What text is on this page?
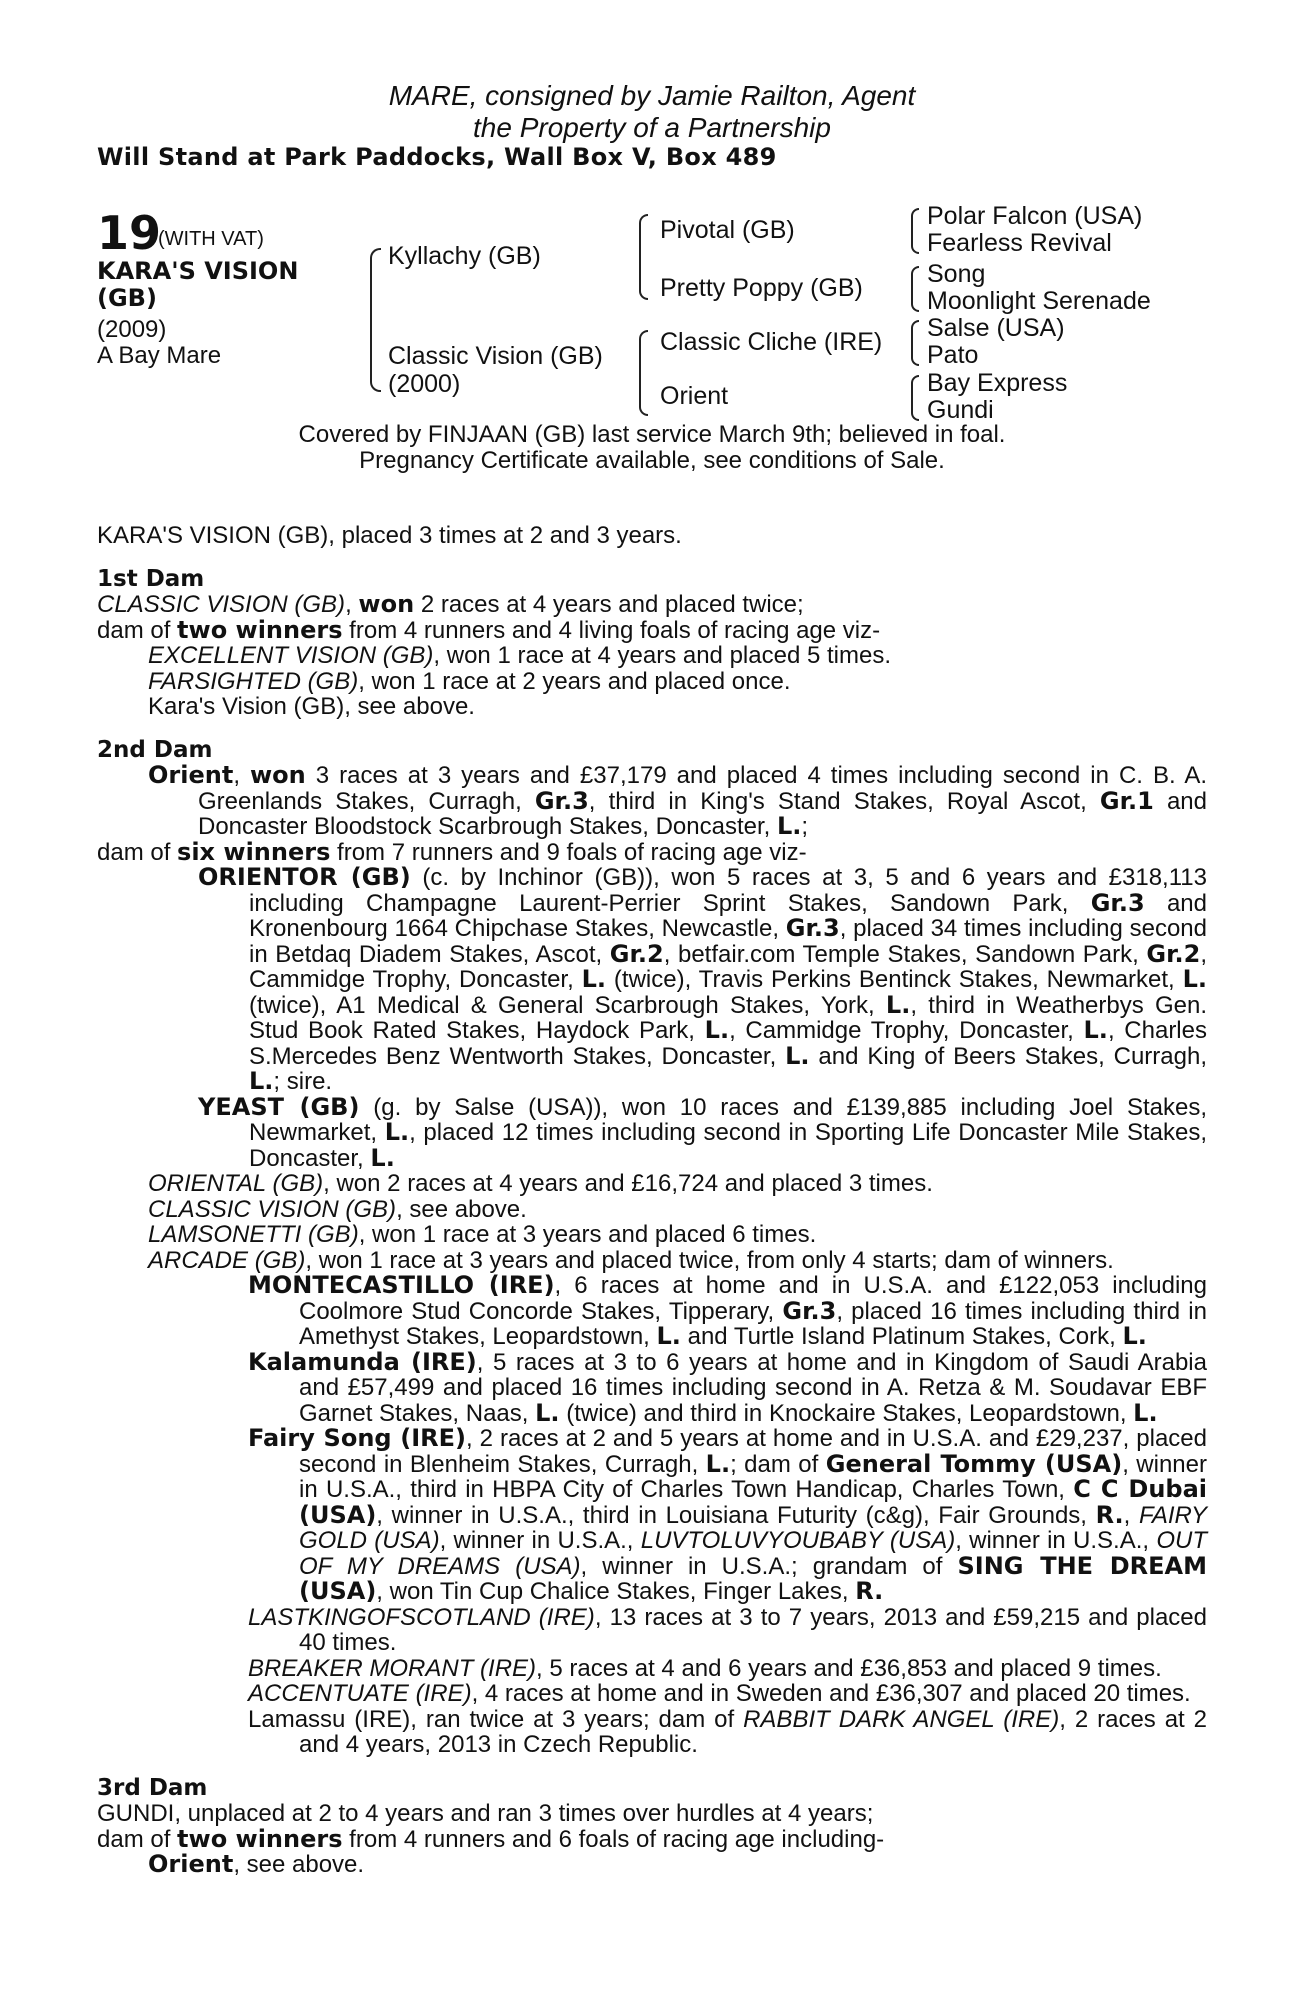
MARE, consigned by Jamie Railton, Agent
the Property of a Partnership
Will Stand at Park Paddocks, Wall Box V, Box 489
19
(WITH VAT)
KARA'S VISION (GB)
(2009)
A Bay Mare
Kyllachy (GB)
Classic Vision (GB)
(2000)
Pivotal (GB)
Pretty Poppy (GB)
Classic Cliche (IRE)
Orient
Polar Falcon (USA)
Fearless Revival
Song
Moonlight Serenade
Salse (USA)
Pato
Bay Express
Gundi
Covered by FINJAAN (GB) last service March 9th; believed in foal.
Pregnancy Certificate available, see conditions of Sale.

KARA'S VISION (GB), placed 3 times at 2 and 3 years.

1st Dam

CLASSIC VISION (GB), won 2 races at 4 years and placed twice;

dam of two winners from 4 runners and 4 living foals of racing age viz-

EXCELLENT VISION (GB), won 1 race at 4 years and placed 5 times.

FARSIGHTED (GB), won 1 race at 2 years and placed once.

Kara's Vision (GB), see above.

2nd Dam

Orient, won 3 races at 3 years and £37,179 and placed 4 times including second in C. B. A. Greenlands Stakes, Curragh, Gr.3, third in King's Stand Stakes, Royal Ascot, Gr.1 and Doncaster Bloodstock Scarbrough Stakes, Doncaster, L.;

dam of six winners from 7 runners and 9 foals of racing age viz-

ORIENTOR (GB) (c. by Inchinor (GB)), won 5 races at 3, 5 and 6 years and £318,113 including Champagne Laurent-Perrier Sprint Stakes, Sandown Park, Gr.3 and Kronenbourg 1664 Chipchase Stakes, Newcastle, Gr.3, placed 34 times including second in Betdaq Diadem Stakes, Ascot, Gr.2, betfair.com Temple Stakes, Sandown Park, Gr.2, Cammidge Trophy, Doncaster, L. (twice), Travis Perkins Bentinck Stakes, Newmarket, L. (twice), A1 Medical & General Scarbrough Stakes, York, L., third in Weatherbys Gen. Stud Book Rated Stakes, Haydock Park, L., Cammidge Trophy, Doncaster, L., Charles S.Mercedes Benz Wentworth Stakes, Doncaster, L. and King of Beers Stakes, Curragh, L.; sire.

YEAST (GB) (g. by Salse (USA)), won 10 races and £139,885 including Joel Stakes, Newmarket, L., placed 12 times including second in Sporting Life Doncaster Mile Stakes, Doncaster, L.

ORIENTAL (GB), won 2 races at 4 years and £16,724 and placed 3 times.

CLASSIC VISION (GB), see above.

LAMSONETTI (GB), won 1 race at 3 years and placed 6 times.

ARCADE (GB), won 1 race at 3 years and placed twice, from only 4 starts; dam of winners.

MONTECASTILLO (IRE), 6 races at home and in U.S.A. and £122,053 including Coolmore Stud Concorde Stakes, Tipperary, Gr.3, placed 16 times including third in Amethyst Stakes, Leopardstown, L. and Turtle Island Platinum Stakes, Cork, L.

Kalamunda (IRE), 5 races at 3 to 6 years at home and in Kingdom of Saudi Arabia and £57,499 and placed 16 times including second in A. Retza & M. Soudavar EBF Garnet Stakes, Naas, L. (twice) and third in Knockaire Stakes, Leopardstown, L.

Fairy Song (IRE), 2 races at 2 and 5 years at home and in U.S.A. and £29,237, placed second in Blenheim Stakes, Curragh, L.; dam of General Tommy (USA), winner in U.S.A., third in HBPA City of Charles Town Handicap, Charles Town, C C Dubai (USA), winner in U.S.A., third in Louisiana Futurity (c&g), Fair Grounds, R., FAIRY GOLD (USA), winner in U.S.A., LUVTOLUVYOUBABY (USA), winner in U.S.A., OUT OF MY DREAMS (USA), winner in U.S.A.; grandam of SING THE DREAM (USA), won Tin Cup Chalice Stakes, Finger Lakes, R.

LASTKINGOFSCOTLAND (IRE), 13 races at 3 to 7 years, 2013 and £59,215 and placed 40 times.

BREAKER MORANT (IRE), 5 races at 4 and 6 years and £36,853 and placed 9 times.

ACCENTUATE (IRE), 4 races at home and in Sweden and £36,307 and placed 20 times.

Lamassu (IRE), ran twice at 3 years; dam of RABBIT DARK ANGEL (IRE), 2 races at 2 and 4 years, 2013 in Czech Republic.

3rd Dam

GUNDI, unplaced at 2 to 4 years and ran 3 times over hurdles at 4 years;

dam of two winners from 4 runners and 6 foals of racing age including-

Orient, see above.
